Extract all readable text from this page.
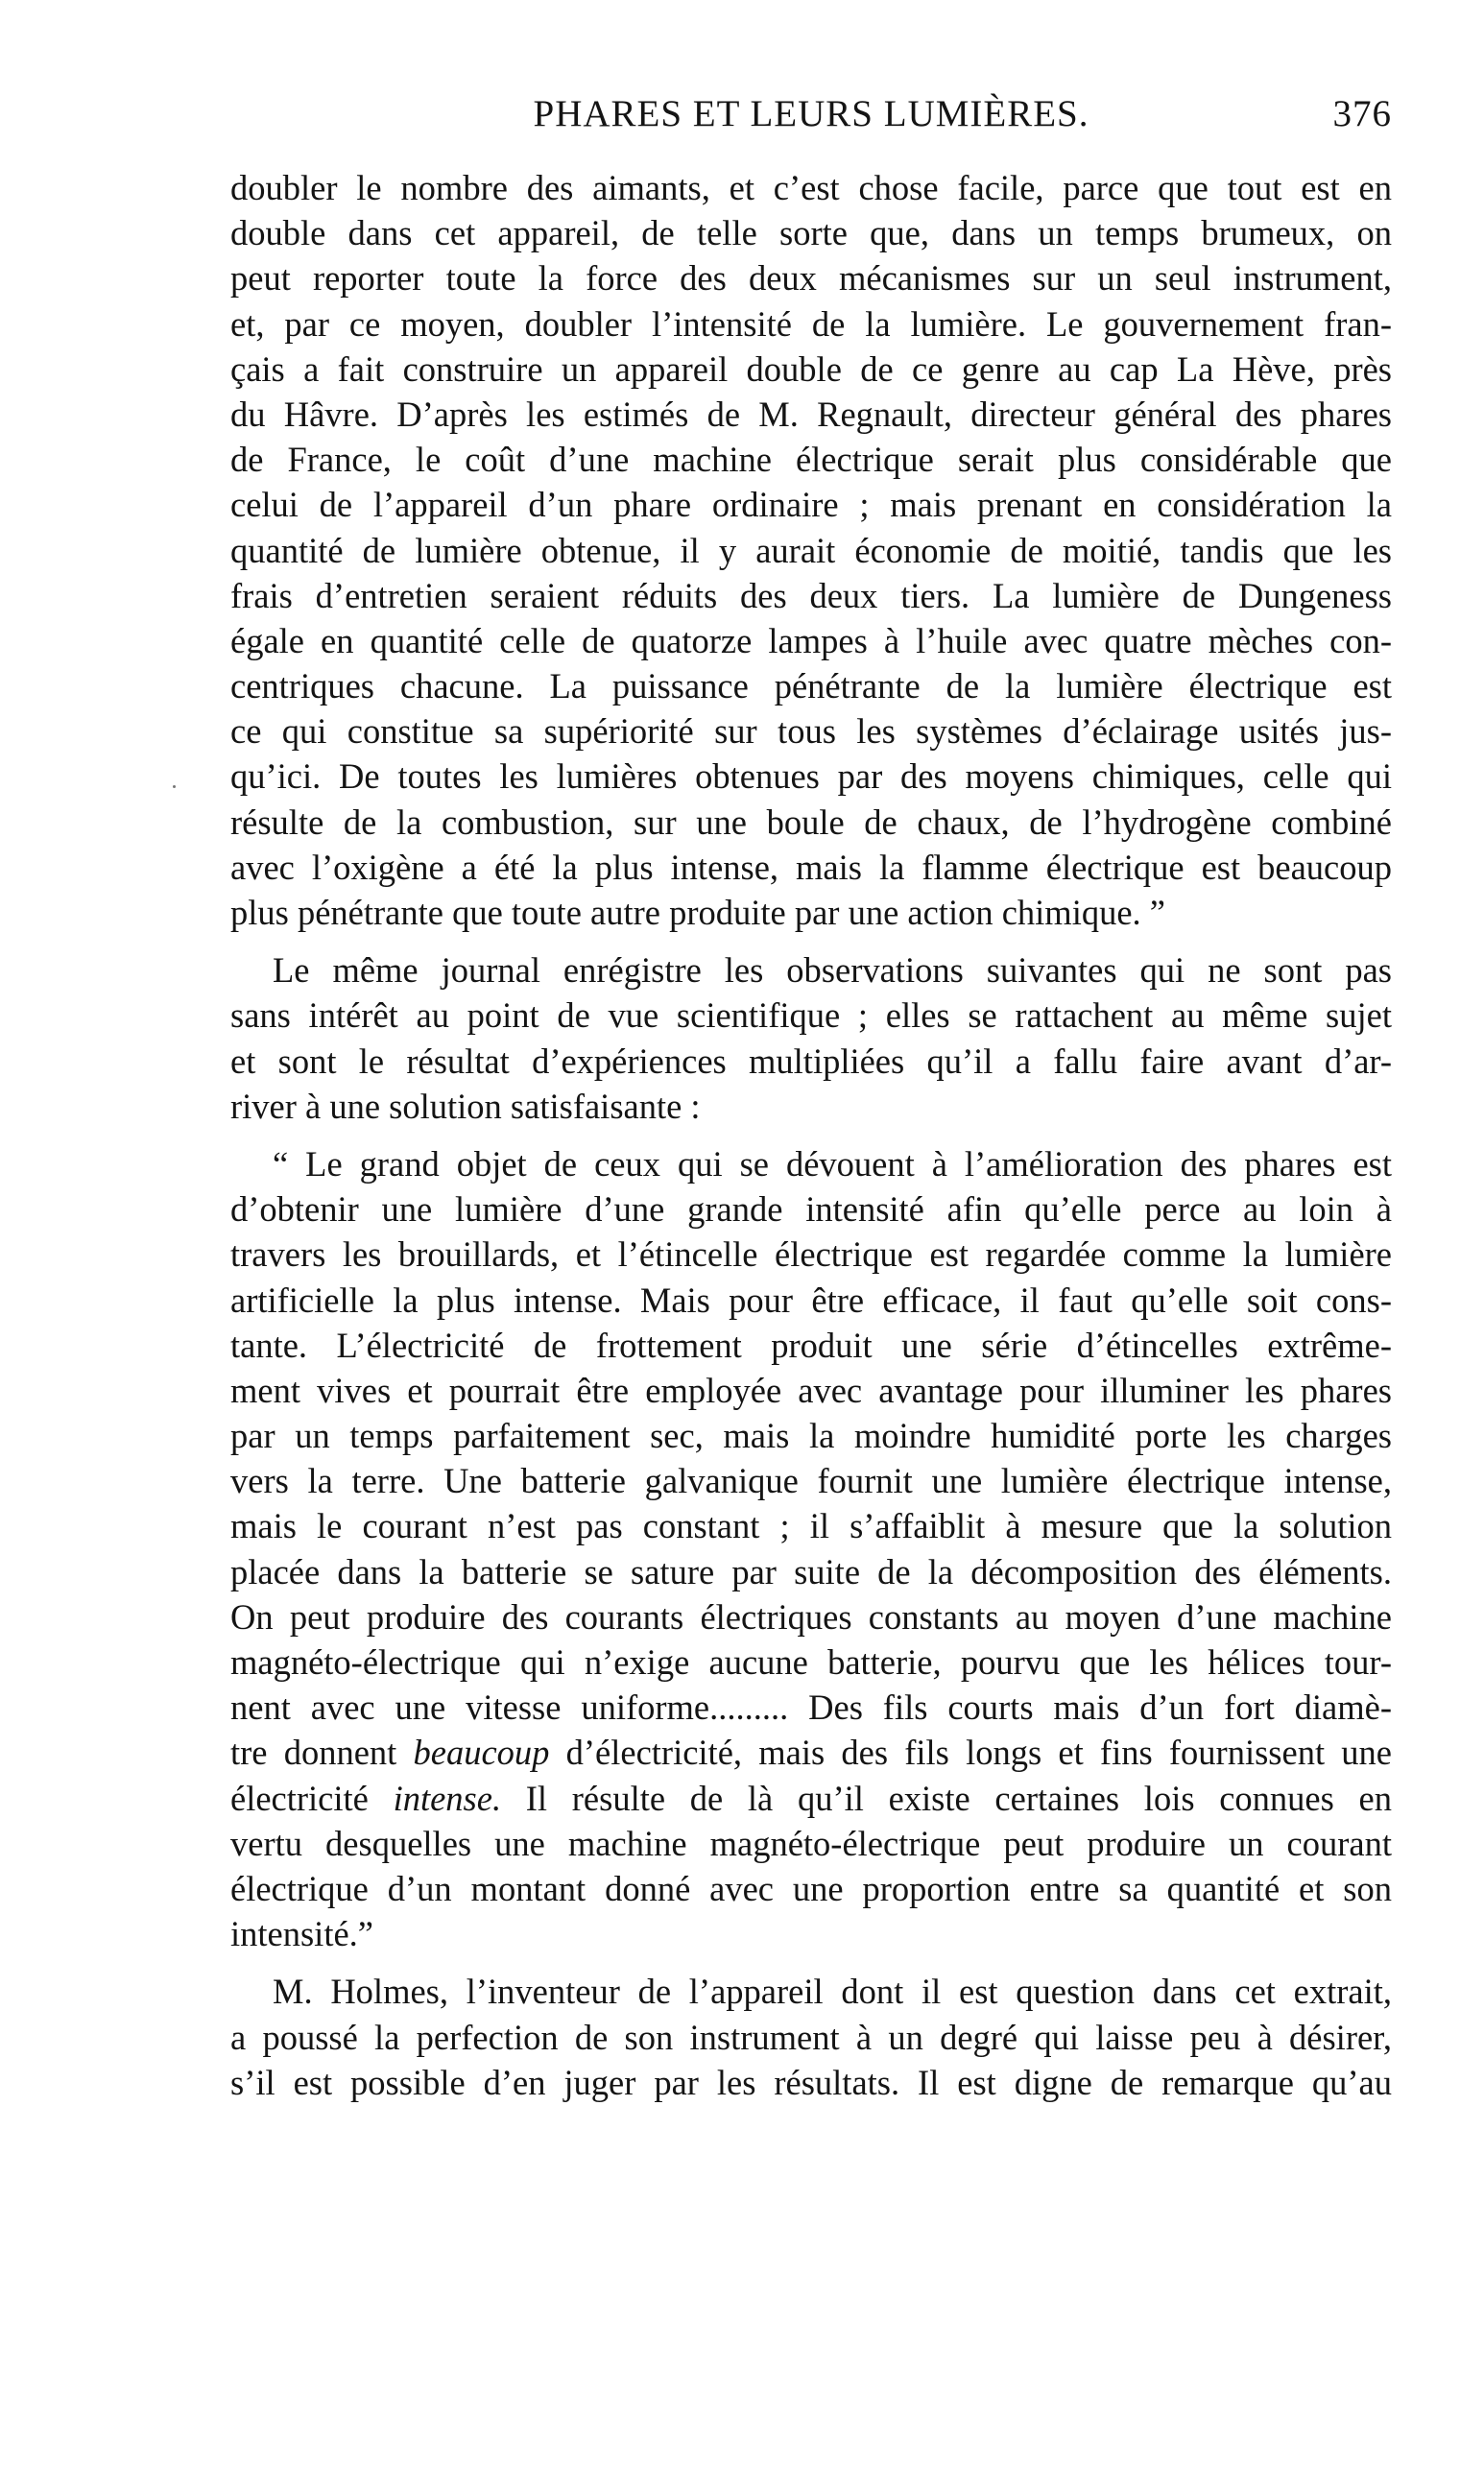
PHARES ET LEURS LUMIÈRES.	376
doubler le nombre des aimants, et c’est chose facile, parce que tout est en
double dans cet appareil, de telle sorte que, dans un temps brumeux, on
peut reporter toute la force des deux mécanismes sur un seul instrument,
et, par ce moyen, doubler l’intensité de la lumière. Le gouvernement fran-
çais a fait construire un appareil double de ce genre au cap La Hève, près
du Hâvre. D’après les estimés de M. Regnault, directeur général des phares
de France, le coût d’une machine électrique serait plus considérable que
celui de l’appareil d’un phare ordinaire ; mais prenant en considération la
quantité de lumière obtenue, il y aurait économie de moitié, tandis que les
frais d’entretien seraient réduits des deux tiers. La lumière de Dungeness
égale en quantité celle de quatorze lampes à l’huile avec quatre mèches con-
centriques chacune. La puissance pénétrante de la lumière électrique est
ce qui constitue sa supériorité sur tous les systèmes d’éclairage usités jus-
qu’ici. De toutes les lumières obtenues par des moyens chimiques, celle qui
résulte de la combustion, sur une boule de chaux, de l’hydrogène combiné
avec l’oxigène a été la plus intense, mais la flamme électrique est beaucoup
plus pénétrante que toute autre produite par une action chimique. ”
Le même journal enrégistre les observations suivantes qui ne sont pas
sans intérêt au point de vue scientifique ; elles se rattachent au même sujet
et sont le résultat d’expériences multipliées qu’il a fallu faire avant d’ar-
river à une solution satisfaisante :
“ Le grand objet de ceux qui se dévouent à l’amélioration des phares est
d’obtenir une lumière d’une grande intensité afin qu’elle perce au loin à
travers les brouillards, et l’étincelle électrique est regardée comme la lumière
artificielle la plus intense. Mais pour être efficace, il faut qu’elle soit cons-
tante. L’électricité de frottement produit une série d’étincelles extrême-
ment vives et pourrait être employée avec avantage pour illuminer les phares
par un temps parfaitement sec, mais la moindre humidité porte les charges
vers la terre. Une batterie galvanique fournit une lumière électrique intense,
mais le courant n’est pas constant ; il s’affaiblit à mesure que la solution
placée dans la batterie se sature par suite de la décomposition des éléments.
On peut produire des courants électriques constants au moyen d’une machine
magnéto-électrique qui n’exige aucune batterie, pourvu que les hélices tour-
nent avec une vitesse uniforme......... Des fils courts mais d’un fort diamè-
tre donnent beaucoup d’électricité, mais des fils longs et fins fournissent une
électricité intense. Il résulte de là qu’il existe certaines lois connues en
vertu desquelles une machine magnéto-électrique peut produire un courant
électrique d’un montant donné avec une proportion entre sa quantité et son
intensité.”
M. Holmes, l’inventeur de l’appareil dont il est question dans cet extrait,
a poussé la perfection de son instrument à un degré qui laisse peu à désirer,
s’il est possible d’en juger par les résultats. Il est digne de remarque qu’au
